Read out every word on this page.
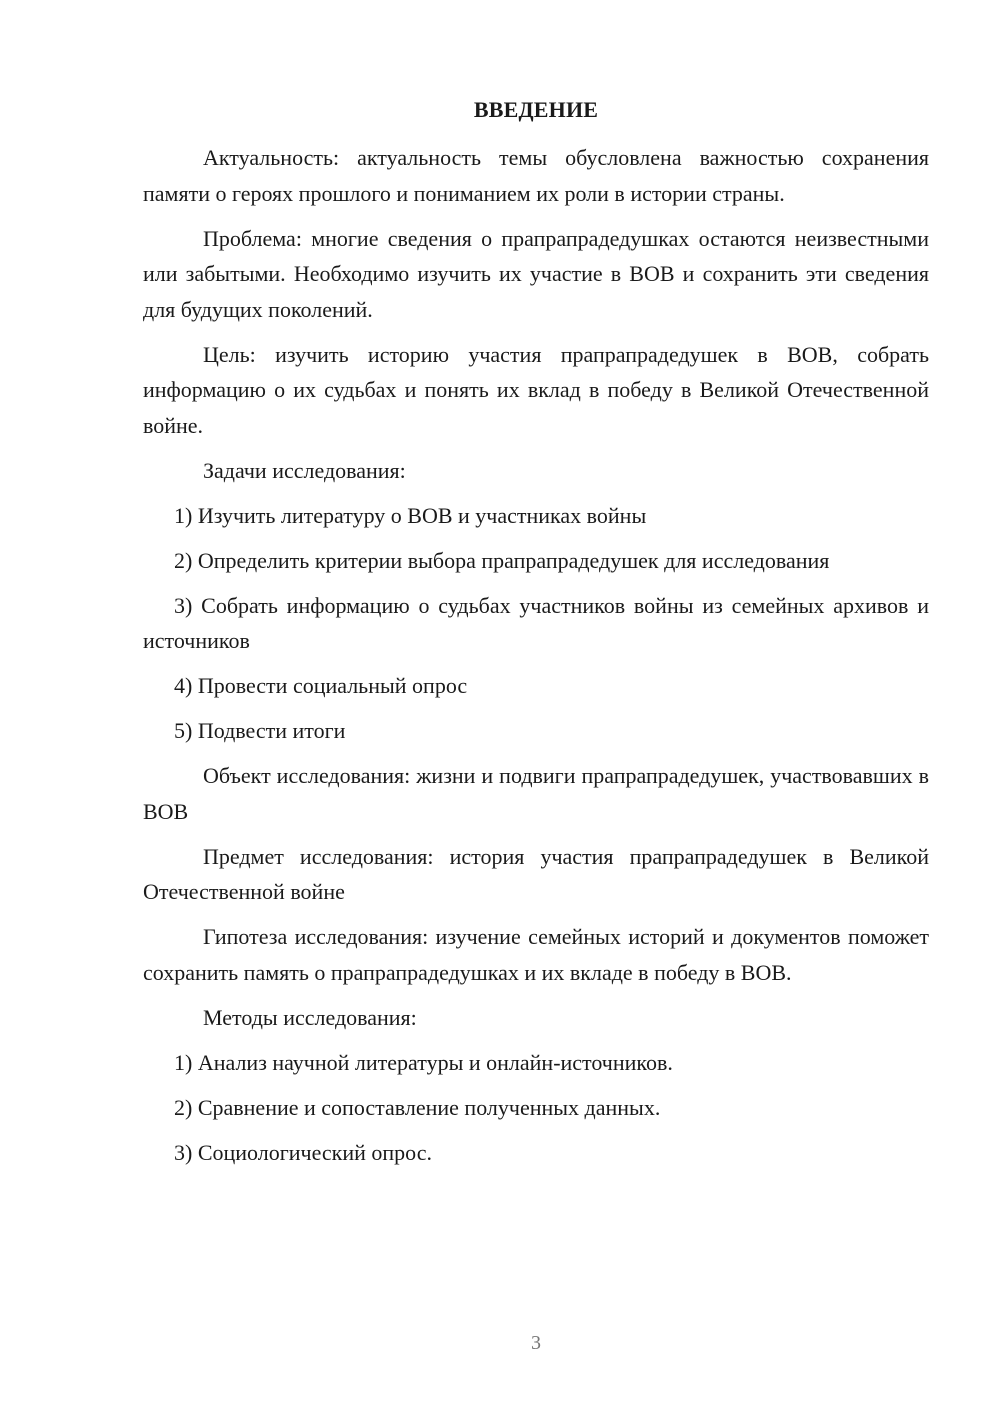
ВВЕДЕНИЕ

Актуальность: актуальность темы обусловлена важностью сохранения памяти о героях прошлого и пониманием их роли в истории страны.

Проблема: многие сведения о прапрапрадедушках остаются неизвестными или забытыми. Необходимо изучить их участие в ВОВ и сохранить эти сведения для будущих поколений.

Цель: изучить историю участия прапрапрадедушек в ВОВ, собрать информацию о их судьбах и понять их вклад в победу в Великой Отечественной войне.

Задачи исследования:

1) Изучить литературу о ВОВ и участниках войны

2) Определить критерии выбора прапрапрадедушек для исследования

3) Собрать информацию о судьбах участников войны из семейных архивов и источников

4) Провести социальный опрос

5) Подвести итоги

Объект исследования: жизни и подвиги прапрапрадедушек, участвовавших в ВОВ

Предмет исследования: история участия прапрапрадедушек в Великой Отечественной войне

Гипотеза исследования: изучение семейных историй и документов поможет сохранить память о прапрапрадедушках и их вкладе в победу в ВОВ.

Методы исследования:

1) Анализ научной литературы и онлайн-источников.

2) Сравнение и сопоставление полученных данных.

3) Социологический опрос.

3
